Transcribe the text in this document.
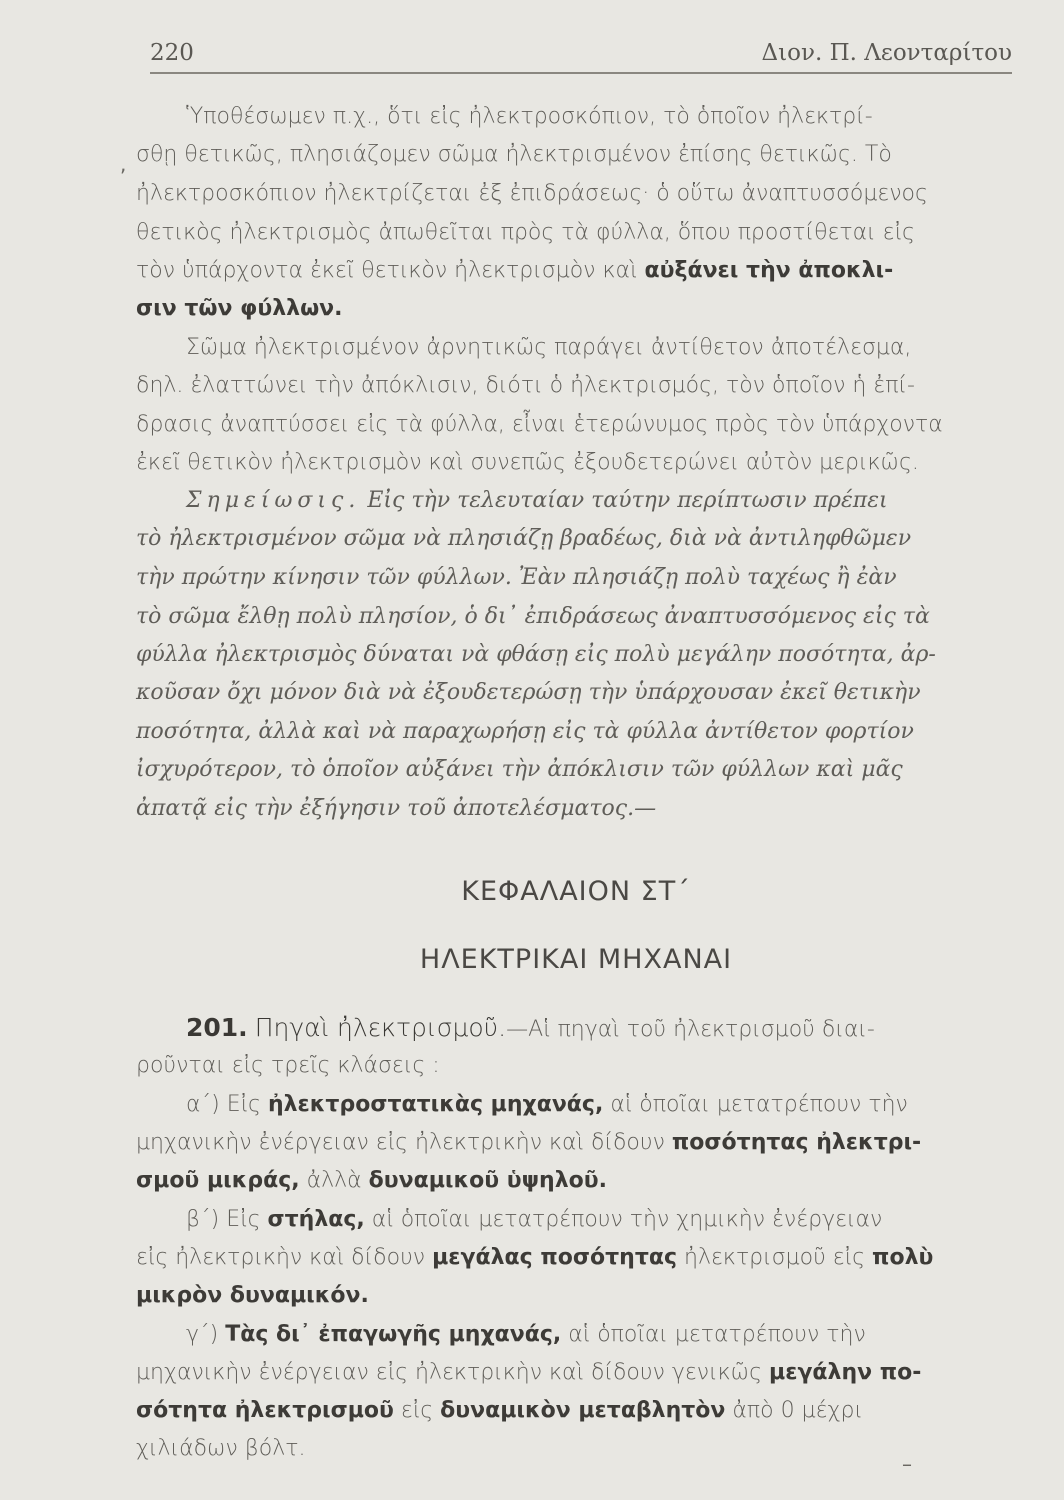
220	Διον. Π. Λεονταρίτου
,
Ὑποθέσωμεν π.χ., ὅτι εἰς ἠλεκτροσκόπιον, τὸ ὁποῖον ἠλεκτρί-
σθῃ θετικῶς, πλησιάζομεν σῶμα ἠλεκτρισμένον ἐπίσης θετικῶς. Τὸ
ἠλεκτροσκόπιον ἠλεκτρίζεται ἐξ ἐπιδράσεως· ὁ οὕτω ἀναπτυσσόμενος
θετικὸς ἠλεκτρισμὸς ἀπωθεῖται πρὸς τὰ φύλλα, ὅπου προστίθεται εἰς
τὸν ὑπάρχοντα ἐκεῖ θετικὸν ἠλεκτρισμὸν καὶ αὐξάνει τὴν ἀποκλι-
σιν τῶν φύλλων.
Σῶμα ἠλεκτρισμένον ἀρνητικῶς παράγει ἀντίθετον ἀποτέλεσμα,
δηλ. ἐλαττώνει τὴν ἀπόκλισιν, διότι ὁ ἠλεκτρισμός, τὸν ὁποῖον ἡ ἐπί-
δρασις ἀναπτύσσει εἰς τὰ φύλλα, εἶναι ἑτερώνυμος πρὸς τὸν ὑπάρχοντα
ἐκεῖ θετικὸν ἠλεκτρισμὸν καὶ συνεπῶς ἐξουδετερώνει αὐτὸν μερικῶς.
Σημείωσις. Εἰς τὴν τελευταίαν ταύτην περίπτωσιν πρέπει
τὸ ἠλεκτρισμένον σῶμα νὰ πλησιάζῃ βραδέως, διὰ νὰ ἀντιληφθῶμεν
τὴν πρώτην κίνησιν τῶν φύλλων. Ἐὰν πλησιάζῃ πολὺ ταχέως ἢ ἐὰν
τὸ σῶμα ἔλθῃ πολὺ πλησίον, ὁ δι᾿ ἐπιδράσεως ἀναπτυσσόμενος εἰς τὰ
φύλλα ἠλεκτρισμὸς δύναται νὰ φθάσῃ εἰς πολὺ μεγάλην ποσότητα, ἀρ-
κοῦσαν ὄχι μόνον διὰ νὰ ἐξουδετερώσῃ τὴν ὑπάρχουσαν ἐκεῖ θετικὴν
ποσότητα, ἀλλὰ καὶ νὰ παραχωρήσῃ εἰς τὰ φύλλα ἀντίθετον φορτίον
ἰσχυρότερον, τὸ ὁποῖον αὐξάνει τὴν ἀπόκλισιν τῶν φύλλων καὶ μᾶς
ἀπατᾷ εἰς τὴν ἐξήγησιν τοῦ ἀποτελέσματος.—
ΚΕΦΑΛΑΙΟΝ ΣΤ΄
ΗΛΕΚΤΡΙΚΑΙ ΜΗΧΑΝΑΙ
201. Πηγαὶ ἠλεκτρισμοῦ.—Αἱ πηγαὶ τοῦ ἠλεκτρισμοῦ διαι-
ροῦνται εἰς τρεῖς κλάσεις :
α΄) Εἰς ἠλεκτροστατικὰς μηχανάς, αἱ ὁποῖαι μετατρέπουν τὴν
μηχανικὴν ἐνέργειαν εἰς ἠλεκτρικὴν καὶ δίδουν ποσότητας ἠλεκτρι-
σμοῦ μικράς, ἀλλὰ δυναμικοῦ ὑψηλοῦ.
β΄) Εἰς στήλας, αἱ ὁποῖαι μετατρέπουν τὴν χημικὴν ἐνέργειαν
εἰς ἠλεκτρικὴν καὶ δίδουν μεγάλας ποσότητας ἠλεκτρισμοῦ εἰς πολὺ
μικρὸν δυναμικόν.
γ΄) Τὰς δι᾿ ἐπαγωγῆς μηχανάς, αἱ ὁποῖαι μετατρέπουν τὴν
μηχανικὴν ἐνέργειαν εἰς ἠλεκτρικὴν καὶ δίδουν γενικῶς μεγάλην πο-
σότητα ἠλεκτρισμοῦ εἰς δυναμικὸν μεταβλητὸν ἀπὸ 0 μέχρι
χιλιάδων βόλτ.
–
